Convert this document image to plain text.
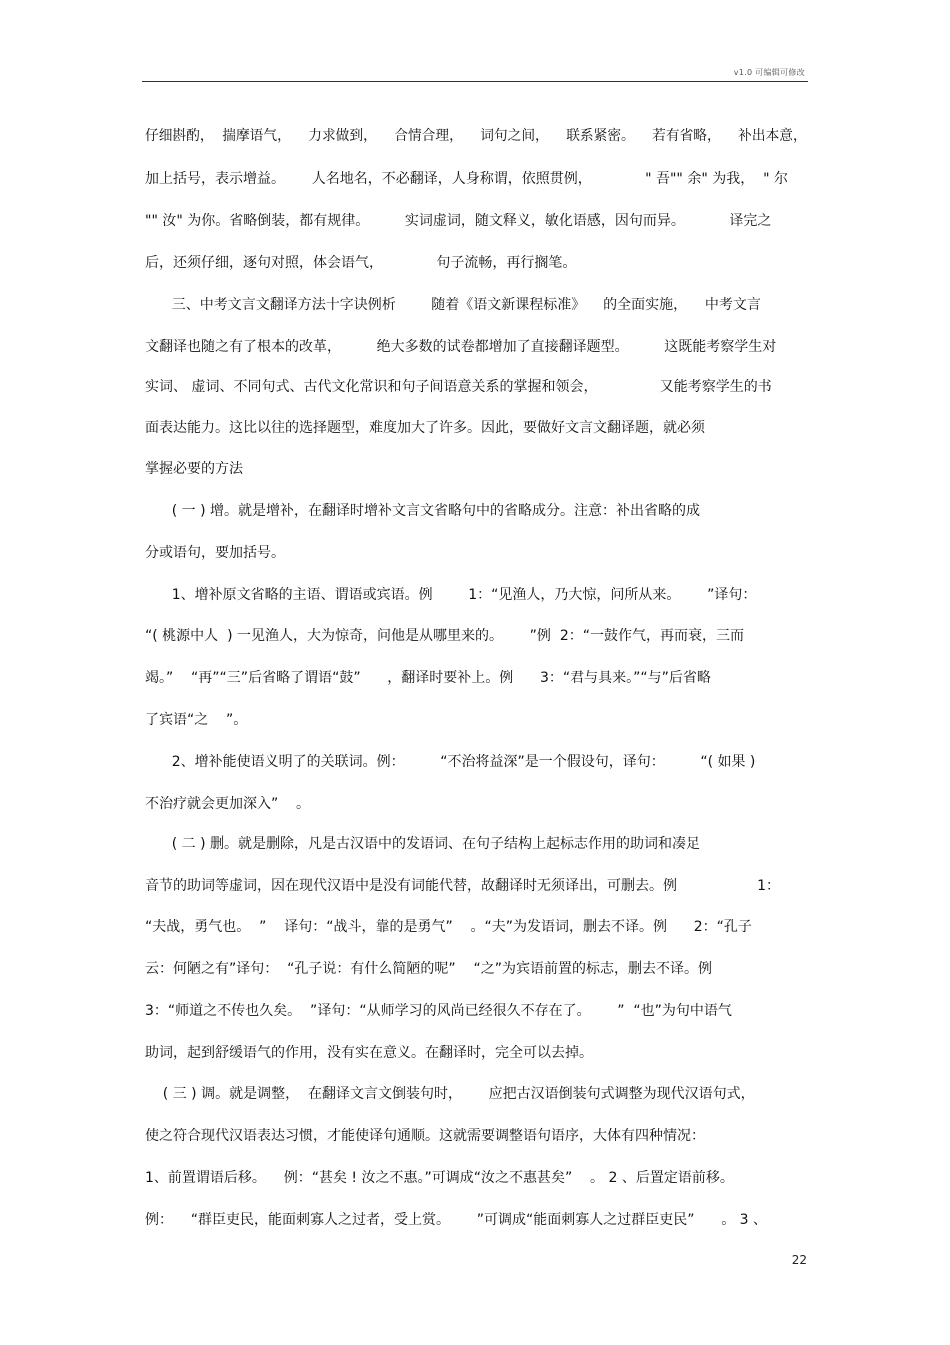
v1.0 可编辑可修改
仔细斟酌，  揣摩语气，    力求做到，    合情合理，    词句之间，    联系紧密。    若有省略，    补出本意，
加上括号，表示增益。      人名地名，不必翻译，人身称谓，依照贯例，            " 吾"" 余" 为我，  " 尔
"" 汝" 为你。省略倒装，都有规律。        实词虚词，随文释义，敏化语感，因句而异。          译完之
后，还须仔细，逐句对照，体会语气，            句子流畅，再行搁笔。
三、中考文言文翻译方法十字诀例析        随着《语文新课程标准》    的全面实施，    中考文言
文翻译也随之有了根本的改革，        绝大多数的试卷都增加了直接翻译题型。        这既能考察学生对
实词、 虚词、不同句式、古代文化常识和句子间语意关系的掌握和领会，              又能考察学生的书
面表达能力。这比以往的选择题型，难度加大了许多。因此，要做好文言文翻译题，就必须
掌握必要的方法
( 一 ) 增。就是增补，在翻译时增补文言文省略句中的省略成分。注意：补出省略的成
分或语句，要加括号。
1、增补原文省略的主语、谓语或宾语。例        1：“见渔人，乃大惊，问所从来。      ”译句：
“( 桃源中人  ) 一见渔人，大为惊奇，问他是从哪里来的。      ”例  2：“一鼓作气，再而衰，三而
竭。”    “再”“三”后省略了谓语“鼓”      ，翻译时要补上。例      3：“君与具来。”“与”后省略
了宾语“之    ”。
2、增补能使语义明了的关联词。例：        “不治将益深”是一个假设句，译句：        “( 如果 )
不治疗就会更加深入”    。
( 二 ) 删。就是删除，凡是古汉语中的发语词、在句子结构上起标志作用的助词和凑足
音节的助词等虚词，因在现代汉语中是没有词能代替，故翻译时无须译出，可删去。例                  1：
“夫战，勇气也。  ”    译句：“战斗，靠的是勇气”    。“夫”为发语词，删去不译。例      2：“孔子
云：何陋之有”译句：  “孔子说：有什么简陋的呢”    “之”为宾语前置的标志，删去不译。例
3：“师道之不传也久矣。  ”译句：“从师学习的风尚已经很久不存在了。      ”  “也”为句中语气
助词，起到舒缓语气的作用，没有实在意义。在翻译时，完全可以去掉。
( 三 ) 调。就是调整，  在翻译文言文倒装句时，      应把古汉语倒装句式调整为现代汉语句式，
使之符合现代汉语表达习惯，才能使译句通顺。这就需要调整语句语序，大体有四种情况：
1、前置谓语后移。    例：“甚矣 ! 汝之不惠。”可调成“汝之不惠甚矣”    。 2 、后置定语前移。
例：    “群臣吏民，能面刺寡人之过者，受上赏。      ”可调成“能面刺寡人之过群臣吏民”      。 3 、
22
